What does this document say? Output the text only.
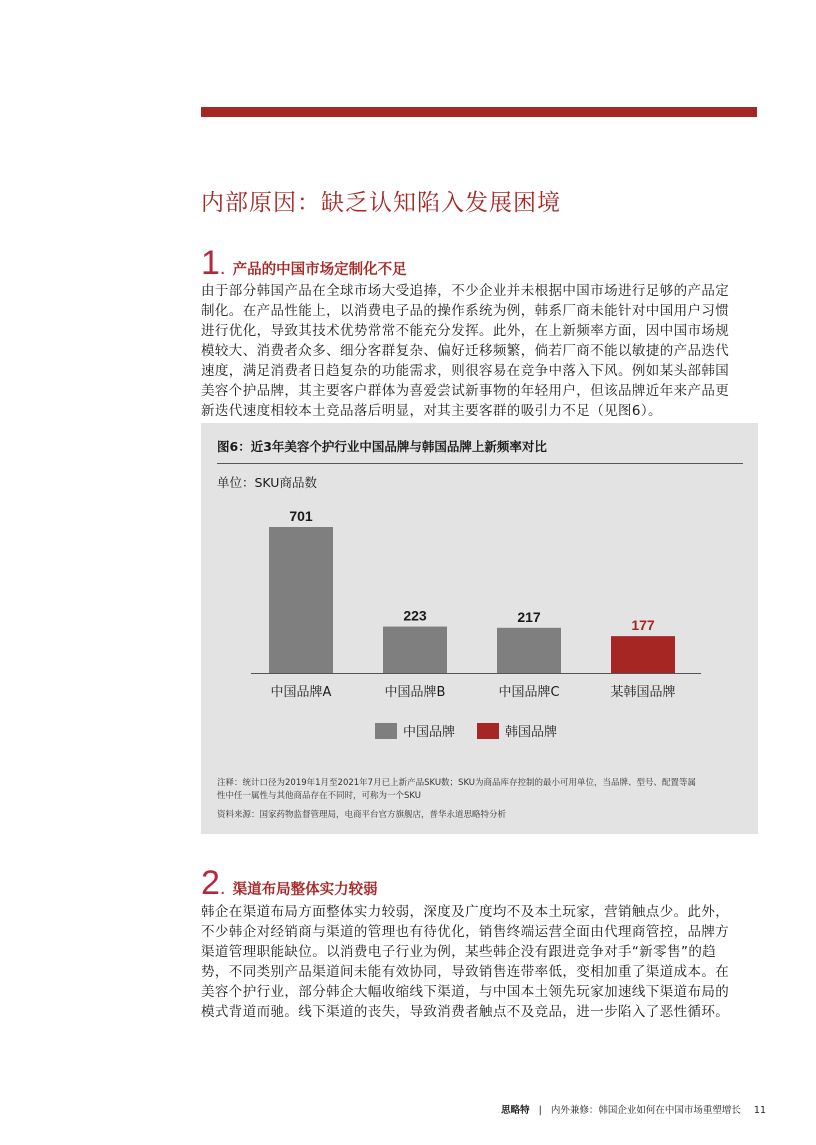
内部原因：缺乏认知陷入发展困境
1. 产品的中国市场定制化不足
由于部分韩国产品在全球市场大受追捧，不少企业并未根据中国市场进行足够的产品定
制化。在产品性能上，以消费电子品的操作系统为例，韩系厂商未能针对中国用户习惯
进行优化，导致其技术优势常常不能充分发挥。此外，在上新频率方面，因中国市场规
模较大、消费者众多、细分客群复杂、偏好迁移频繁，倘若厂商不能以敏捷的产品迭代
速度，满足消费者日趋复杂的功能需求，则很容易在竞争中落入下风。例如某头部韩国
美容个护品牌，其主要客户群体为喜爱尝试新事物的年轻用户，但该品牌近年来产品更
新迭代速度相较本土竞品落后明显，对其主要客群的吸引力不足（见图6）。
图6：近3年美容个护行业中国品牌与韩国品牌上新频率对比
单位：SKU商品数
701
中国品牌A
223
中国品牌B
217
中国品牌C
177
某韩国品牌
中国品牌	韩国品牌
注释：统计口径为2019年1月至2021年7月已上新产品SKU数；SKU为商品库存控制的最小可用单位，当品牌、型号、配置等属
性中任一属性与其他商品存在不同时，可称为一个SKU
资料来源：国家药物监督管理局，电商平台官方旗舰店，普华永道思略特分析
2. 渠道布局整体实力较弱
韩企在渠道布局方面整体实力较弱，深度及广度均不及本土玩家，营销触点少。此外，
不少韩企对经销商与渠道的管理也有待优化，销售终端运营全面由代理商管控，品牌方
渠道管理职能缺位。以消费电子行业为例，某些韩企没有跟进竞争对手“新零售”的趋
势，不同类别产品渠道间未能有效协同，导致销售连带率低，变相加重了渠道成本。在
美容个护行业，部分韩企大幅收缩线下渠道，与中国本土领先玩家加速线下渠道布局的
模式背道而驰。线下渠道的丧失，导致消费者触点不及竞品，进一步陷入了恶性循环。
思略特 | 内外兼修：韩国企业如何在中国市场重塑增长 11
